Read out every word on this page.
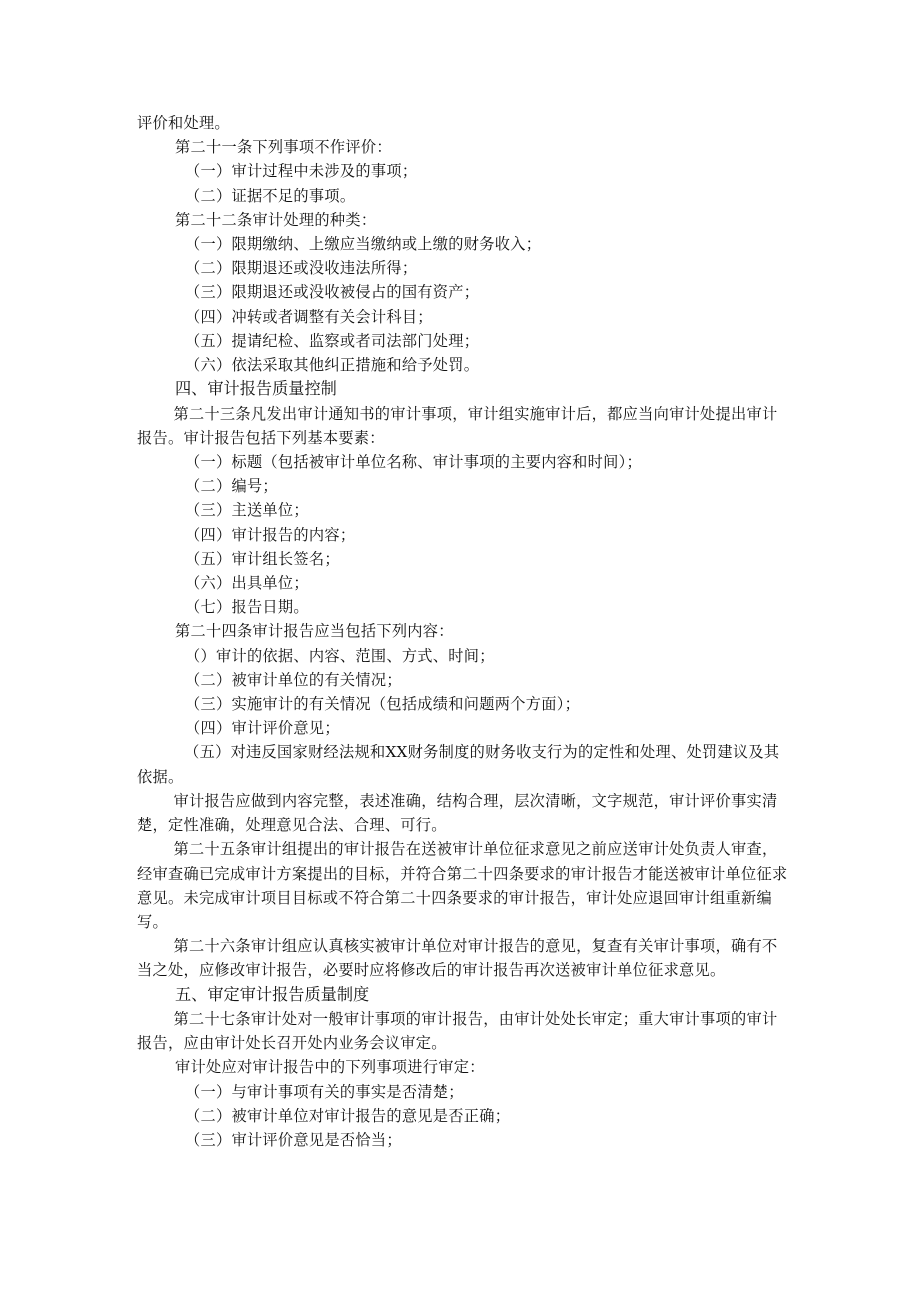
评价和处理。
第二十一条下列事项不作评价：
（一）审计过程中未涉及的事项；
（二）证据不足的事项。
第二十二条审计处理的种类：
（一）限期缴纳、上缴应当缴纳或上缴的财务收入；
（二）限期退还或没收违法所得；
（三）限期退还或没收被侵占的国有资产；
（四）冲转或者调整有关会计科目；
（五）提请纪检、监察或者司法部门处理；
（六）依法采取其他纠正措施和给予处罚。
四、审计报告质量控制
第二十三条凡发出审计通知书的审计事项，审计组实施审计后，都应当向审计处提出审计报告。审计报告包括下列基本要素：
（一）标题（包括被审计单位名称、审计事项的主要内容和时间）；
（二）编号；
（三）主送单位；
（四）审计报告的内容；
（五）审计组长签名；
（六）出具单位；
（七）报告日期。
第二十四条审计报告应当包括下列内容：
（）审计的依据、内容、范围、方式、时间；
（二）被审计单位的有关情况；
（三）实施审计的有关情况（包括成绩和问题两个方面）；
（四）审计评价意见；
（五）对违反国家财经法规和XX财务制度的财务收支行为的定性和处理、处罚建议及其依据。
审计报告应做到内容完整，表述准确，结构合理，层次清晰，文字规范，审计评价事实清楚，定性准确，处理意见合法、合理、可行。
第二十五条审计组提出的审计报告在送被审计单位征求意见之前应送审计处负责人审查，经审查确已完成审计方案提出的目标，并符合第二十四条要求的审计报告才能送被审计单位征求意见。未完成审计项目目标或不符合第二十四条要求的审计报告，审计处应退回审计组重新编写。
第二十六条审计组应认真核实被审计单位对审计报告的意见，复查有关审计事项，确有不当之处，应修改审计报告，必要时应将修改后的审计报告再次送被审计单位征求意见。
五、审定审计报告质量制度
第二十七条审计处对一般审计事项的审计报告，由审计处处长审定；重大审计事项的审计报告，应由审计处长召开处内业务会议审定。
审计处应对审计报告中的下列事项进行审定：
（一）与审计事项有关的事实是否清楚；
（二）被审计单位对审计报告的意见是否正确；
（三）审计评价意见是否恰当；
